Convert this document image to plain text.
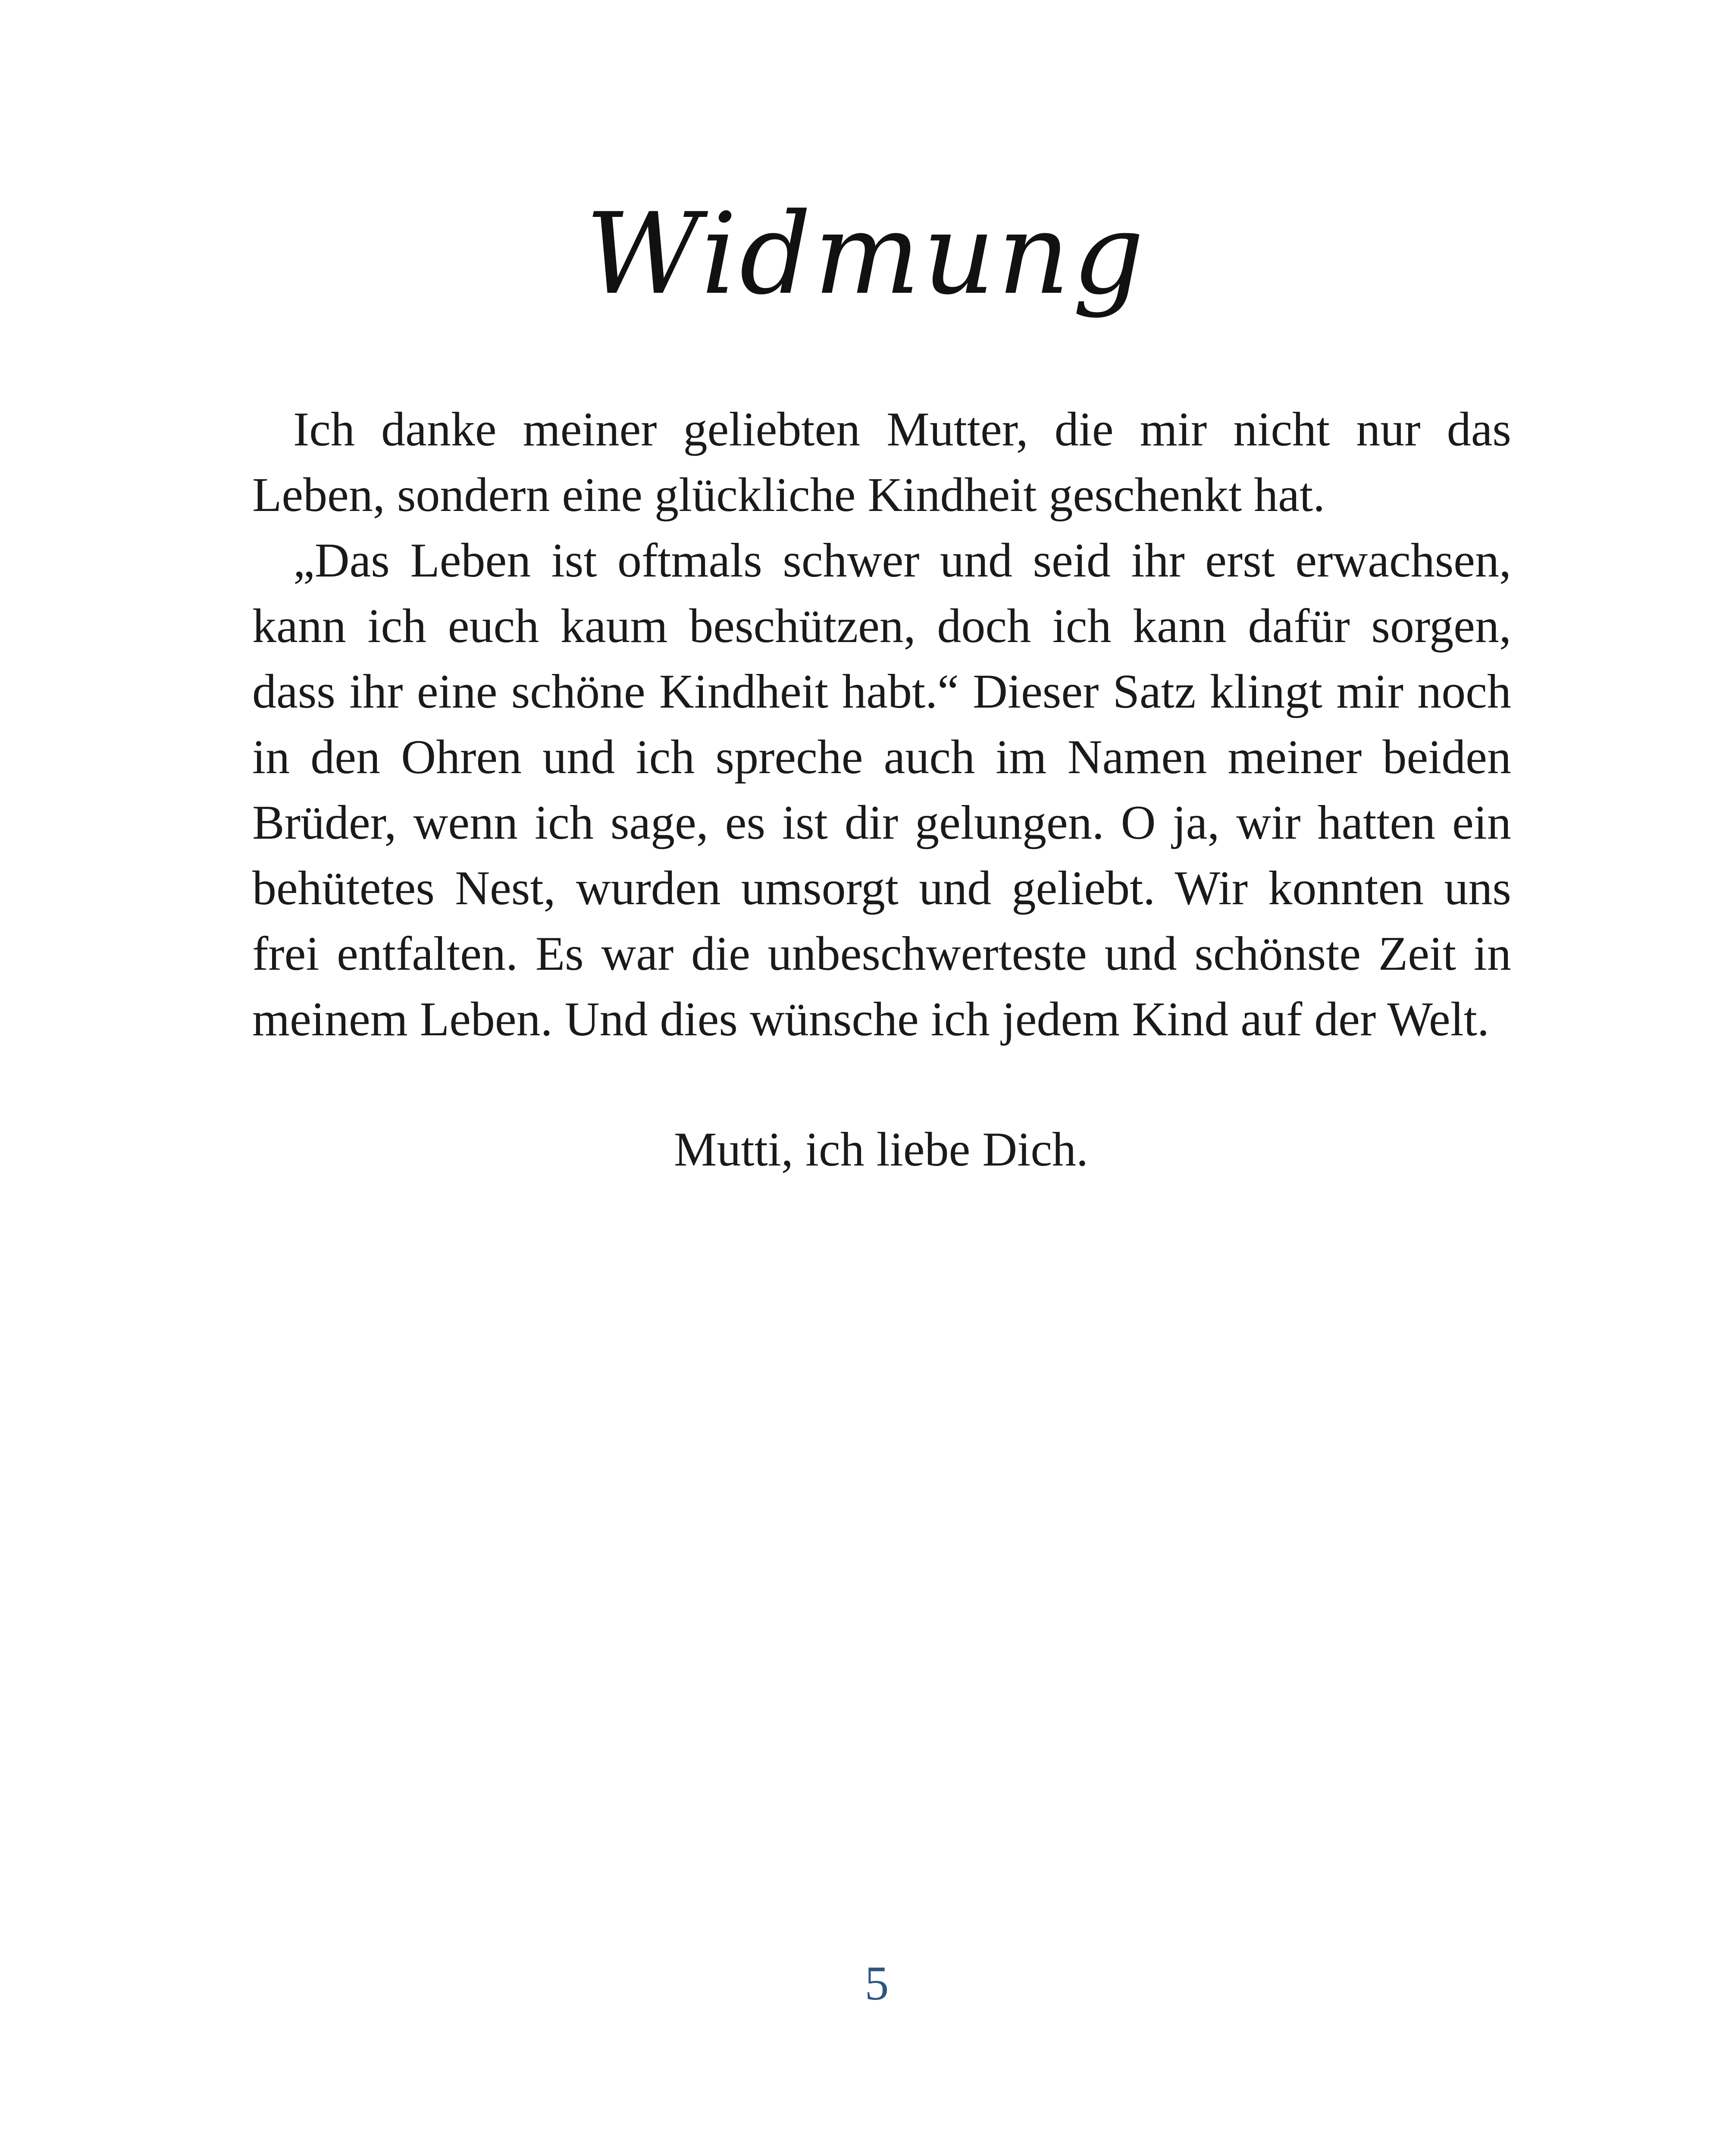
Widmung

Ich danke meiner geliebten Mutter, die mir nicht nur das Leben, sondern eine glückliche Kindheit geschenkt hat.

„Das Leben ist oftmals schwer und seid ihr erst erwachsen, kann ich euch kaum beschützen, doch ich kann dafür sorgen, dass ihr eine schöne Kindheit habt.“ Dieser Satz klingt mir noch in den Ohren und ich spreche auch im Namen meiner beiden Brüder, wenn ich sage, es ist dir gelungen. O ja, wir hatten ein behütetes Nest, wurden umsorgt und geliebt. Wir konnten uns frei entfalten. Es war die unbeschwerteste und schönste Zeit in meinem Leben. Und dies wünsche ich jedem Kind auf der Welt.

Mutti, ich liebe Dich.
5
